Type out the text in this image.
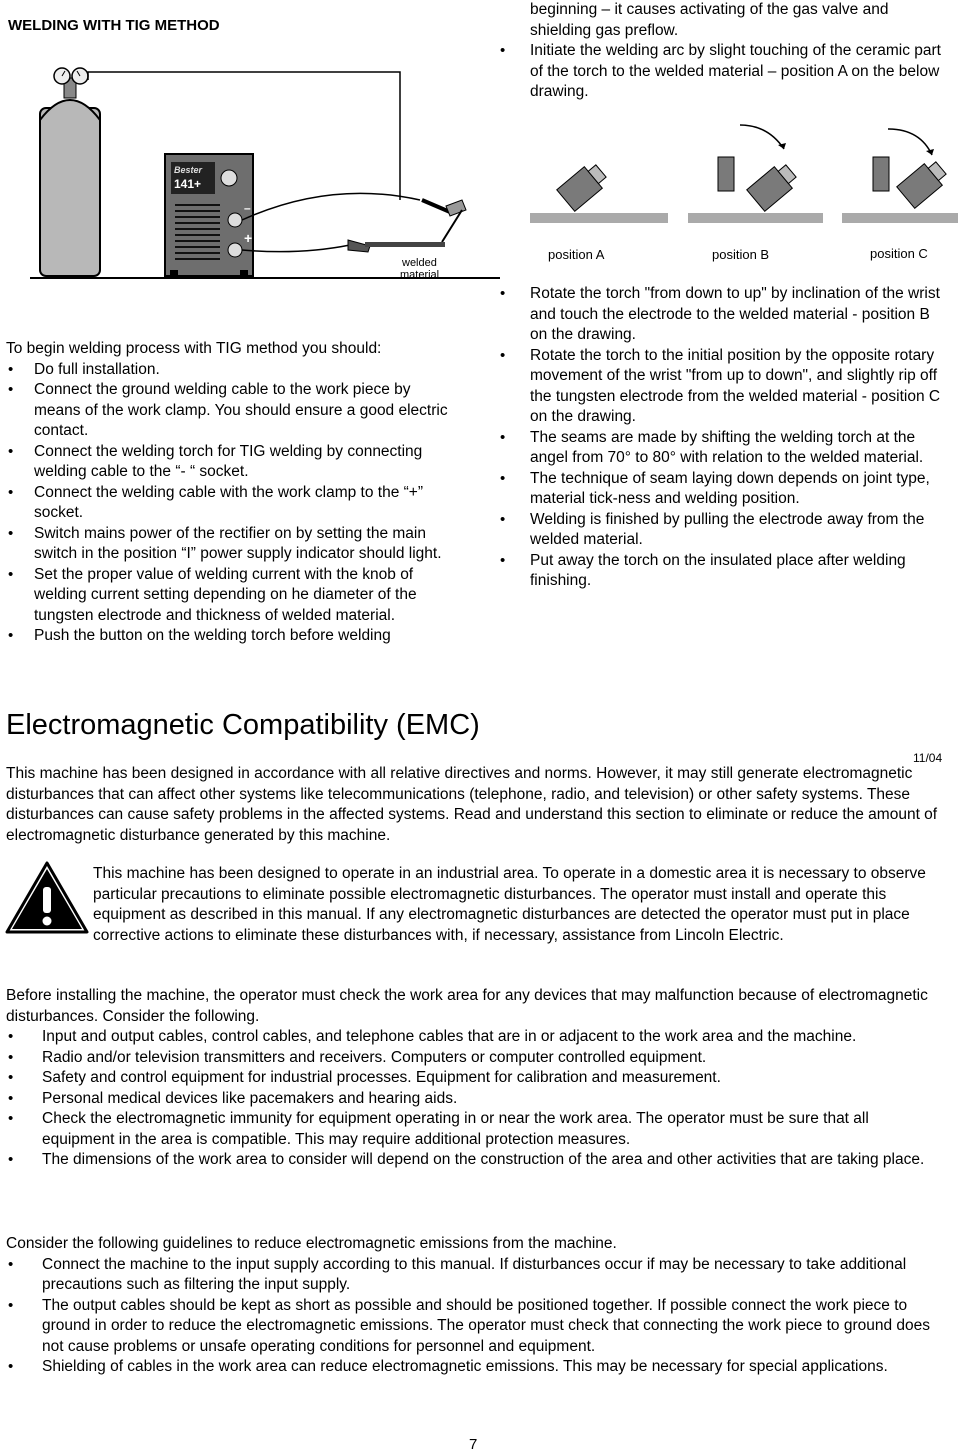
WELDING WITH TIG METHOD

beginning – it causes activating of the gas valve and shielding gas preflow.

• Initiate the welding arc by slight touching of the ceramic part of the torch to the welded material – position A on the below drawing.
Bester
141+
–
+
welded material
position A	position B	position C

To begin welding process with TIG method you should:

• Do full installation.
• Connect the ground welding cable to the work piece by means of the work clamp. You should ensure a good electric contact.
• Connect the welding torch for TIG welding by connecting welding cable to the “- “ socket.
• Connect the welding cable with the work clamp to the “+” socket.
• Switch mains power of the rectifier on by setting the main switch in the position “I” power supply indicator should light.
• Set the proper value of welding current with the knob of welding current setting depending on he diameter of the tungsten electrode and thickness of welded material.
• Push the button on the welding torch before welding
• Rotate the torch "from down to up" by inclination of the wrist and touch the electrode to the welded material - position B on the drawing.
• Rotate the torch to the initial position by the opposite rotary movement of the wrist "from up to down", and slightly rip off the tungsten electrode from the welded material - position C on the drawing.
• The seams are made by shifting the welding torch at the angel from 70° to 80° with relation to the welded material.
• The technique of seam laying down depends on joint type, material tick-ness and welding position.
• Welding is finished by pulling the electrode away from the welded material.
• Put away the torch on the insulated place after welding finishing.
Electromagnetic Compatibility (EMC)
11/04

This machine has been designed in accordance with all relative directives and norms. However, it may still generate electromagnetic disturbances that can affect other systems like telecommunications (telephone, radio, and television) or other safety systems. These disturbances can cause safety problems in the affected systems. Read and understand this section to eliminate or reduce the amount of electromagnetic disturbance generated by this machine.

This machine has been designed to operate in an industrial area. To operate in a domestic area it is necessary to observe particular precautions to eliminate possible electromagnetic disturbances. The operator must install and operate this equipment as described in this manual. If any electromagnetic disturbances are detected the operator must put in place corrective actions to eliminate these disturbances with, if necessary, assistance from Lincoln Electric.

Before installing the machine, the operator must check the work area for any devices that may malfunction because of electromagnetic disturbances. Consider the following.

• Input and output cables, control cables, and telephone cables that are in or adjacent to the work area and the machine.
• Radio and/or television transmitters and receivers. Computers or computer controlled equipment.
• Safety and control equipment for industrial processes. Equipment for calibration and measurement.
• Personal medical devices like pacemakers and hearing aids.
• Check the electromagnetic immunity for equipment operating in or near the work area. The operator must be sure that all equipment in the area is compatible. This may require additional protection measures.
• The dimensions of the work area to consider will depend on the construction of the area and other activities that are taking place.

Consider the following guidelines to reduce electromagnetic emissions from the machine.

• Connect the machine to the input supply according to this manual. If disturbances occur if may be necessary to take additional precautions such as filtering the input supply.
• The output cables should be kept as short as possible and should be positioned together. If possible connect the work piece to ground in order to reduce the electromagnetic emissions. The operator must check that connecting the work piece to ground does not cause problems or unsafe operating conditions for personnel and equipment.
• Shielding of cables in the work area can reduce electromagnetic emissions. This may be necessary for special applications.
7
